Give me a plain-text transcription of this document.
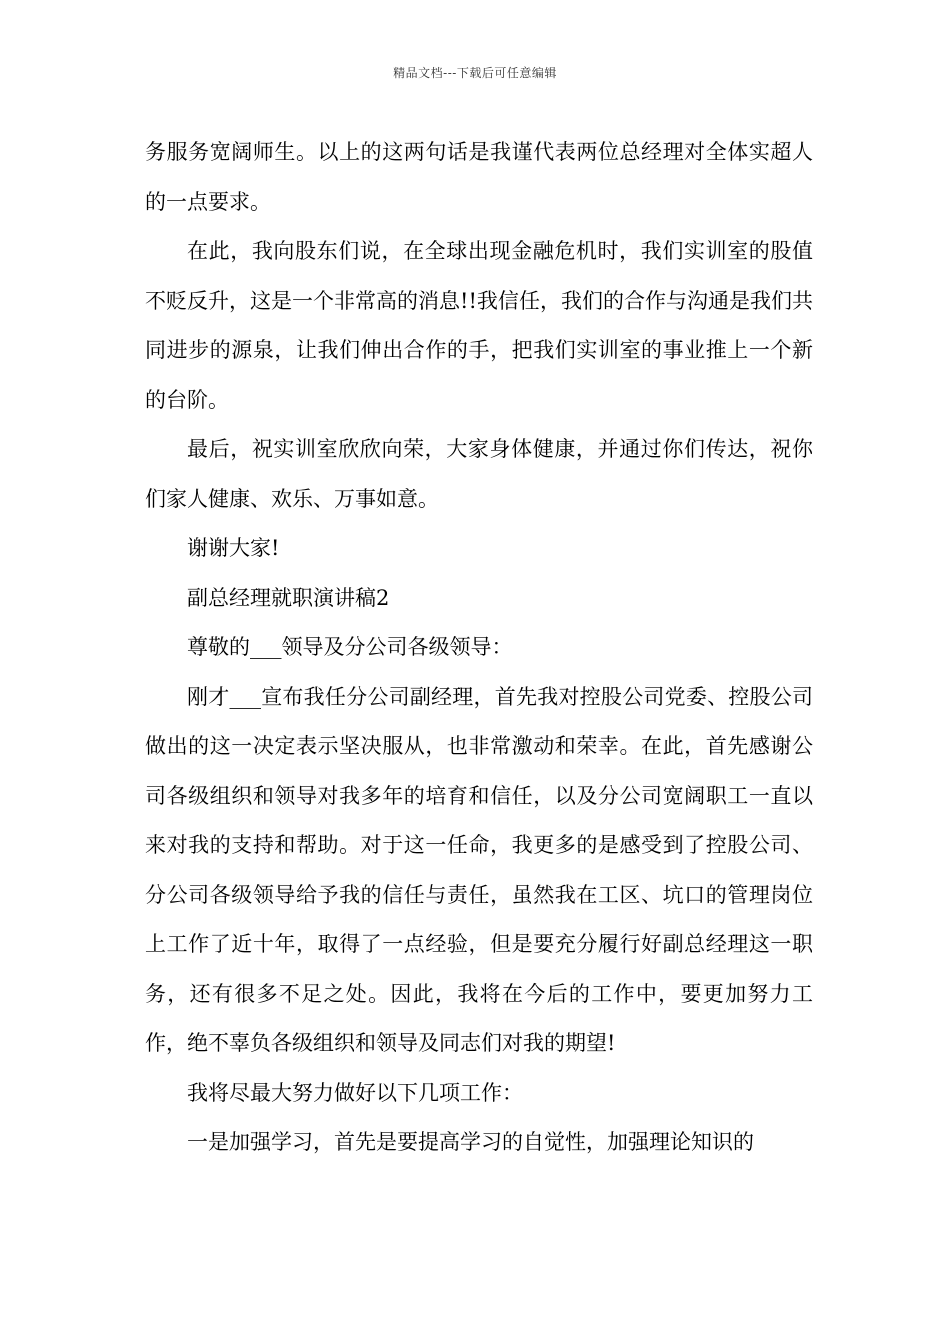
精品文档---下载后可任意编辑

务服务宽阔师生。以上的这两句话是我谨代表两位总经理对全体实超人的一点要求。

在此，我向股东们说，在全球出现金融危机时，我们实训室的股值不贬反升，这是一个非常高的消息!!我信任，我们的合作与沟通是我们共同进步的源泉，让我们伸出合作的手，把我们实训室的事业推上一个新的台阶。

最后，祝实训室欣欣向荣，大家身体健康，并通过你们传达，祝你们家人健康、欢乐、万事如意。

谢谢大家!

副总经理就职演讲稿2

尊敬的___领导及分公司各级领导：

刚才___宣布我任分公司副经理，首先我对控股公司党委、控股公司做出的这一决定表示坚决服从，也非常激动和荣幸。在此，首先感谢公司各级组织和领导对我多年的培育和信任，以及分公司宽阔职工一直以来对我的支持和帮助。对于这一任命，我更多的是感受到了控股公司、分公司各级领导给予我的信任与责任，虽然我在工区、坑口的管理岗位上工作了近十年，取得了一点经验，但是要充分履行好副总经理这一职务，还有很多不足之处。因此，我将在今后的工作中，要更加努力工作，绝不辜负各级组织和领导及同志们对我的期望!

我将尽最大努力做好以下几项工作：

一是加强学习，首先是要提高学习的自觉性，加强理论知识的
